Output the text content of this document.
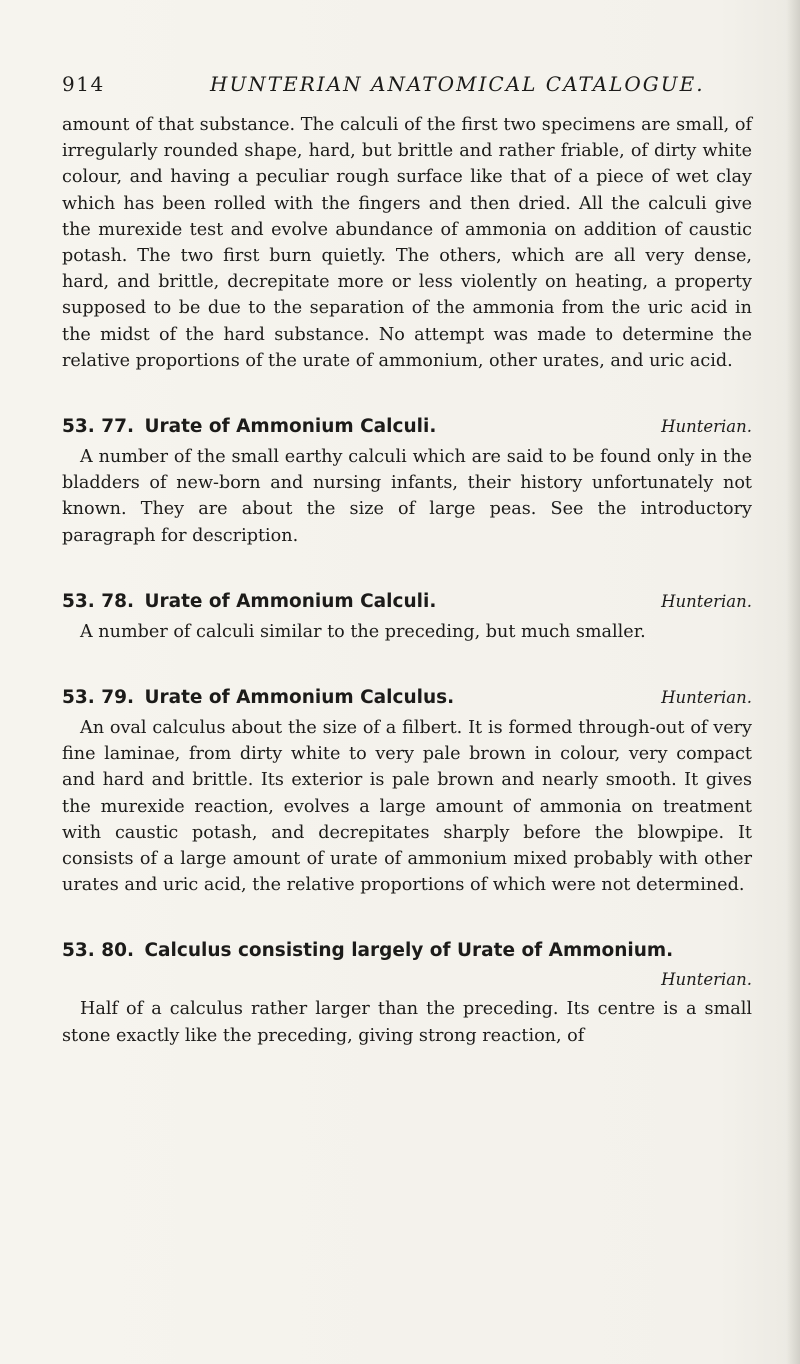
914	HUNTERIAN ANATOMICAL CATALOGUE.

amount of that substance. The calculi of the first two specimens are small, of irregularly rounded shape, hard, but brittle and rather friable, of dirty white colour, and having a peculiar rough surface like that of a piece of wet clay which has been rolled with the fingers and then dried. All the calculi give the murexide test and evolve abundance of ammonia on addition of caustic potash. The two first burn quietly. The others, which are all very dense, hard, and brittle, decrepitate more or less violently on heating, a property supposed to be due to the separation of the ammonia from the uric acid in the midst of the hard substance. No attempt was made to determine the relative proportions of the urate of ammonium, other urates, and uric acid.

53. 77. Urate of Ammonium Calculi.	Hunterian.

A number of the small earthy calculi which are said to be found only in the bladders of new-born and nursing infants, their history unfortunately not known. They are about the size of large peas. See the introductory paragraph for description.

53. 78. Urate of Ammonium Calculi.	Hunterian.

A number of calculi similar to the preceding, but much smaller.

53. 79. Urate of Ammonium Calculus.	Hunterian.

An oval calculus about the size of a filbert. It is formed through-out of very fine laminae, from dirty white to very pale brown in colour, very compact and hard and brittle. Its exterior is pale brown and nearly smooth. It gives the murexide reaction, evolves a large amount of ammonia on treatment with caustic potash, and decrepitates sharply before the blowpipe. It consists of a large amount of urate of ammonium mixed probably with other urates and uric acid, the relative proportions of which were not determined.

53. 80. Calculus consisting largely of Urate of Ammonium.
Hunterian.

Half of a calculus rather larger than the preceding. Its centre is a small stone exactly like the preceding, giving strong reaction, of
